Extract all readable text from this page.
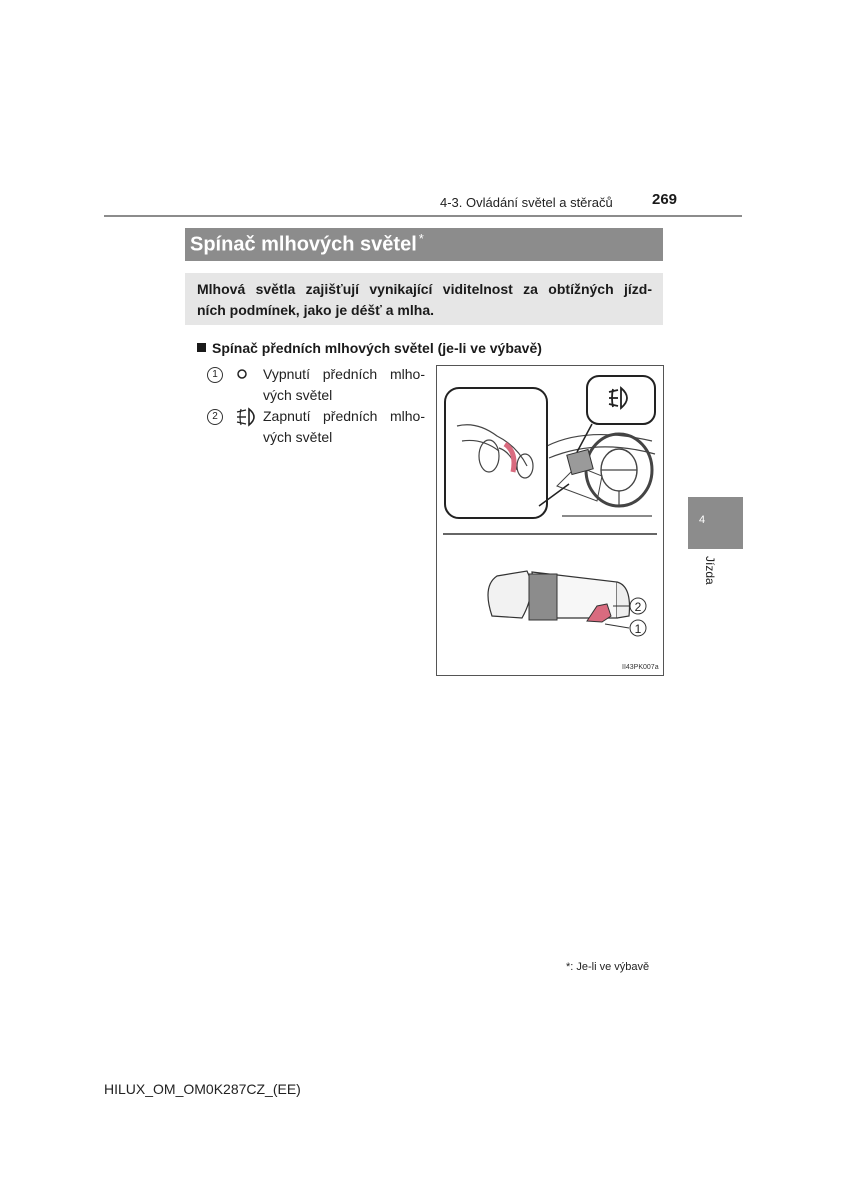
4-3. Ovládání světel a stěračů	269
Spínač mlhových světel *
Mlhová světla zajišťují vynikající viditelnost za obtížných jízd-
ních podmínek, jako je déšť a mlha.
Spínač předních mlhových světel (je-li ve výbavě)
1	Vypnutí předních mlho-
vých světel
2	Zapnutí předních mlho-
vých světel
2
1
II43PK007a
4
Jízda
*: Je-li ve výbavě
HILUX_OM_OM0K287CZ_(EE)
